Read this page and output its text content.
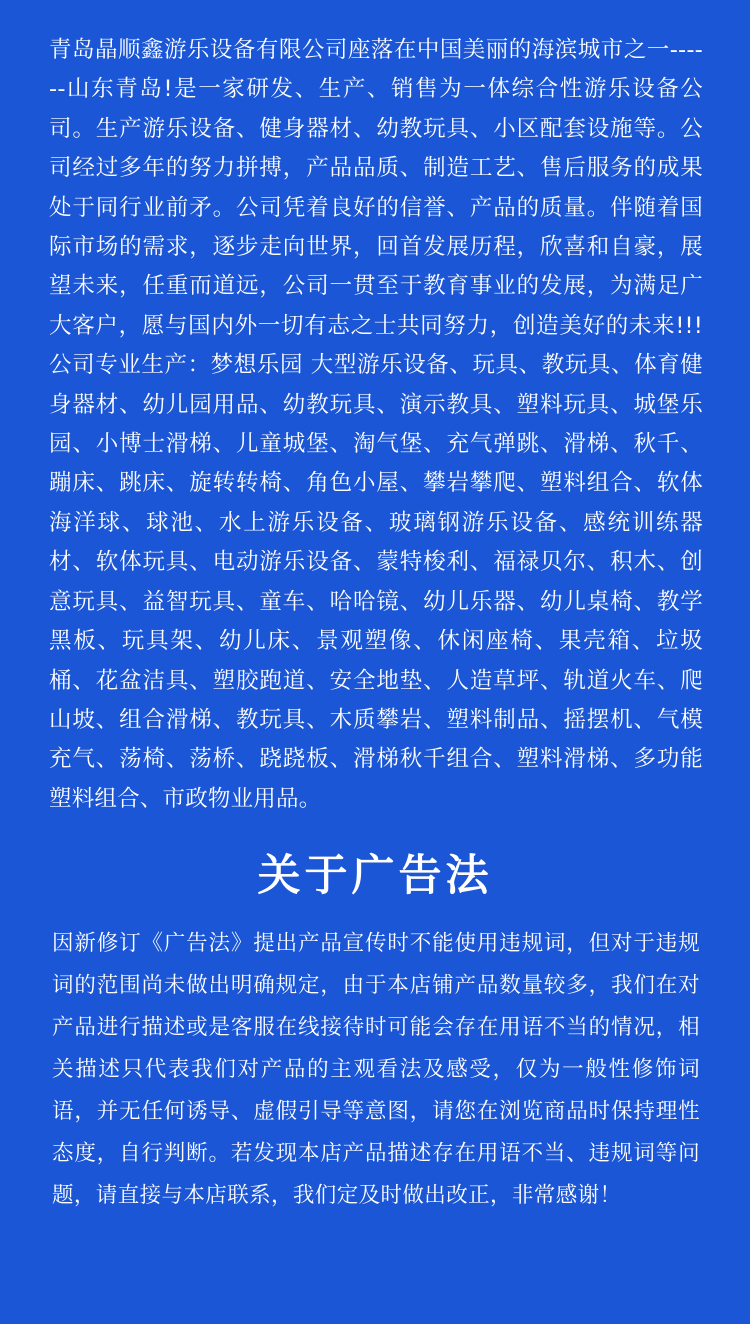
青岛晶顺鑫游乐设备有限公司座落在中国美丽的海滨城市之一------山东青岛!是一家研发、生产、销售为一体综合性游乐设备公司。生产游乐设备、健身器材、幼教玩具、小区配套设施等。公司经过多年的努力拼搏，产品品质、制造工艺、售后服务的成果处于同行业前矛。公司凭着良好的信誉、产品的质量。伴随着国际市场的需求，逐步走向世界，回首发展历程，欣喜和自豪，展望未来，任重而道远，公司一贯至于教育事业的发展，为满足广大客户，愿与国内外一切有志之士共同努力，创造美好的未来!!!公司专业生产：梦想乐园 大型游乐设备、玩具、教玩具、体育健身器材、幼儿园用品、幼教玩具、演示教具、塑料玩具、城堡乐园、小博士滑梯、儿童城堡、淘气堡、充气弹跳、滑梯、秋千、蹦床、跳床、旋转转椅、角色小屋、攀岩攀爬、塑料组合、软体海洋球、球池、水上游乐设备、玻璃钢游乐设备、感统训练器材、软体玩具、电动游乐设备、蒙特梭利、福禄贝尔、积木、创意玩具、益智玩具、童车、哈哈镜、幼儿乐器、幼儿桌椅、教学黑板、玩具架、幼儿床、景观塑像、休闲座椅、果壳箱、垃圾桶、花盆洁具、塑胶跑道、安全地垫、人造草坪、轨道火车、爬山坡、组合滑梯、教玩具、木质攀岩、塑料制品、摇摆机、气模充气、荡椅、荡桥、跷跷板、滑梯秋千组合、塑料滑梯、多功能塑料组合、市政物业用品。

关于广告法

因新修订《广告法》提出产品宣传时不能使用违规词，但对于违规词的范围尚未做出明确规定，由于本店铺产品数量较多，我们在对产品进行描述或是客服在线接待时可能会存在用语不当的情况，相关描述只代表我们对产品的主观看法及感受，仅为一般性修饰词语，并无任何诱导、虚假引导等意图，请您在浏览商品时保持理性态度，自行判断。若发现本店产品描述存在用语不当、违规词等问题，请直接与本店联系，我们定及时做出改正，非常感谢！
